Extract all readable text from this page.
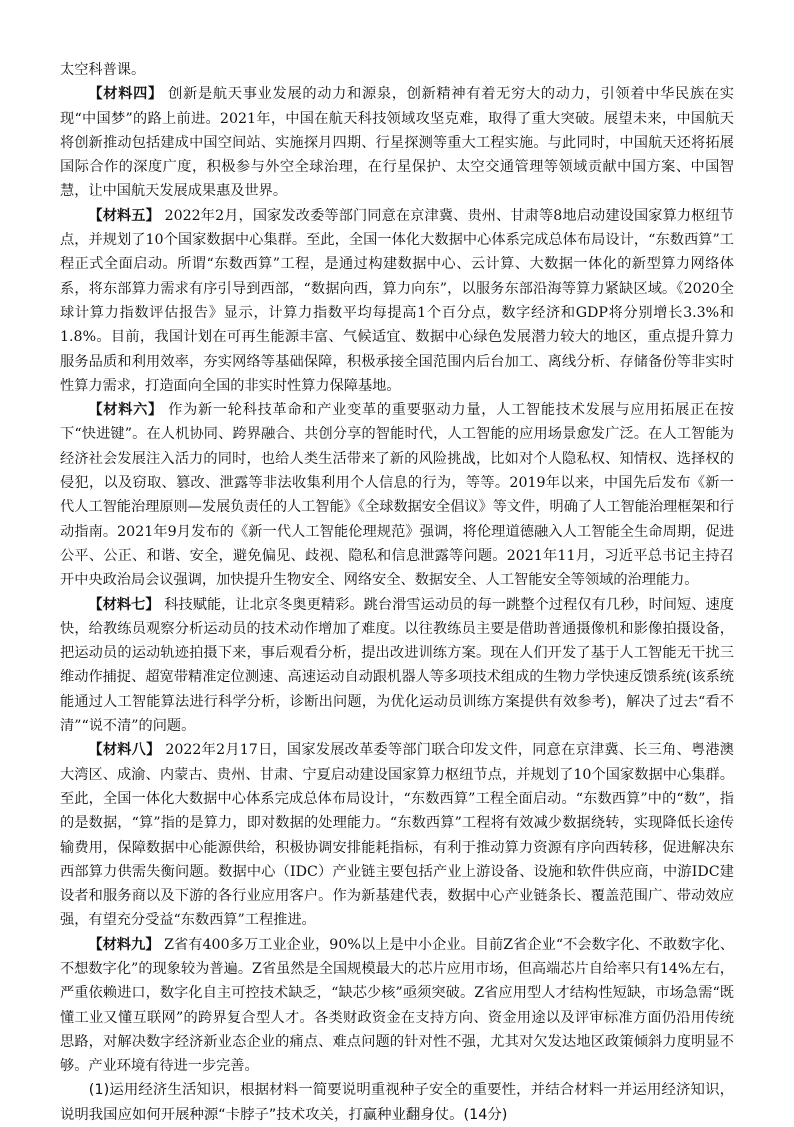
太空科普课。

【材料四】 创新是航天事业发展的动力和源泉，创新精神有着无穷大的动力，引领着中华民族在实现“中国梦”的路上前进。2021年，中国在航天科技领域攻坚克难，取得了重大突破。展望未来，中国航天将创新推动包括建成中国空间站、实施探月四期、行星探测等重大工程实施。与此同时，中国航天还将拓展国际合作的深度广度，积极参与外空全球治理，在行星保护、太空交通管理等领域贡献中国方案、中国智慧，让中国航天发展成果惠及世界。

【材料五】 2022年2月，国家发改委等部门同意在京津冀、贵州、甘肃等8地启动建设国家算力枢纽节点，并规划了10个国家数据中心集群。至此，全国一体化大数据中心体系完成总体布局设计，“东数西算”工程正式全面启动。所谓“东数西算”工程，是通过构建数据中心、云计算、大数据一体化的新型算力网络体系，将东部算力需求有序引导到西部，“数据向西，算力向东”，以服务东部沿海等算力紧缺区域。《2020全球计算力指数评估报告》显示，计算力指数平均每提高1个百分点，数字经济和GDP将分别增长3.3%和1.8%。目前，我国计划在可再生能源丰富、气候适宜、数据中心绿色发展潜力较大的地区，重点提升算力服务品质和利用效率，夯实网络等基础保障，积极承接全国范围内后台加工、离线分析、存储备份等非实时性算力需求，打造面向全国的非实时性算力保障基地。

【材料六】 作为新一轮科技革命和产业变革的重要驱动力量，人工智能技术发展与应用拓展正在按下“快进键”。在人机协同、跨界融合、共创分享的智能时代，人工智能的应用场景愈发广泛。在人工智能为经济社会发展注入活力的同时，也给人类生活带来了新的风险挑战，比如对个人隐私权、知情权、选择权的侵犯，以及窃取、篡改、泄露等非法收集利用个人信息的行为，等等。2019年以来，中国先后发布《新一代人工智能治理原则—发展负责任的人工智能》《全球数据安全倡议》等文件，明确了人工智能治理框架和行动指南。2021年9月发布的《新一代人工智能伦理规范》强调，将伦理道德融入人工智能全生命周期，促进公平、公正、和谐、安全，避免偏见、歧视、隐私和信息泄露等问题。2021年11月，习近平总书记主持召开中央政治局会议强调，加快提升生物安全、网络安全、数据安全、人工智能安全等领域的治理能力。

【材料七】 科技赋能，让北京冬奥更精彩。跳台滑雪运动员的每一跳整个过程仅有几秒，时间短、速度快，给教练员观察分析运动员的技术动作增加了难度。以往教练员主要是借助普通摄像机和影像拍摄设备，把运动员的运动轨迹拍摄下来，事后观看分析，提出改进训练方案。现在人们开发了基于人工智能无干扰三维动作捕捉、超宽带精准定位测速、高速运动自动跟机器人等多项技术组成的生物力学快速反馈系统(该系统能通过人工智能算法进行科学分析，诊断出问题，为优化运动员训练方案提供有效参考)，解决了过去“看不清”“说不清”的问题。

【材料八】 2022年2月17日，国家发展改革委等部门联合印发文件，同意在京津冀、长三角、粤港澳大湾区、成渝、内蒙古、贵州、甘肃、宁夏启动建设国家算力枢纽节点，并规划了10个国家数据中心集群。至此，全国一体化大数据中心体系完成总体布局设计，“东数西算”工程全面启动。“东数西算”中的“数”，指的是数据，“算”指的是算力，即对数据的处理能力。“东数西算”工程将有效减少数据绕转，实现降低长途传输费用，保障数据中心能源供给，积极协调安排能耗指标，有利于推动算力资源有序向西转移，促进解决东西部算力供需失衡问题。数据中心（IDC）产业链主要包括产业上游设备、设施和软件供应商，中游IDC建设者和服务商以及下游的各行业应用客户。作为新基建代表，数据中心产业链条长、覆盖范围广、带动效应强，有望充分受益“东数西算”工程推进。

【材料九】 Z省有400多万工业企业，90%以上是中小企业。目前Z省企业“不会数字化、不敢数字化、不想数字化”的现象较为普遍。Z省虽然是全国规模最大的芯片应用市场，但高端芯片自给率只有14%左右，严重依赖进口，数字化自主可控技术缺乏，“缺芯少核”亟须突破。Z省应用型人才结构性短缺，市场急需“既懂工业又懂互联网”的跨界复合型人才。各类财政资金在支持方向、资金用途以及评审标准方面仍沿用传统思路，对解决数字经济新业态企业的痛点、难点问题的针对性不强，尤其对欠发达地区政策倾斜力度明显不够。产业环境有待进一步完善。

(1)运用经济生活知识，根据材料一简要说明重视种子安全的重要性，并结合材料一并运用经济知识，说明我国应如何开展种源“卡脖子”技术攻关，打赢种业翻身仗。(14分)
